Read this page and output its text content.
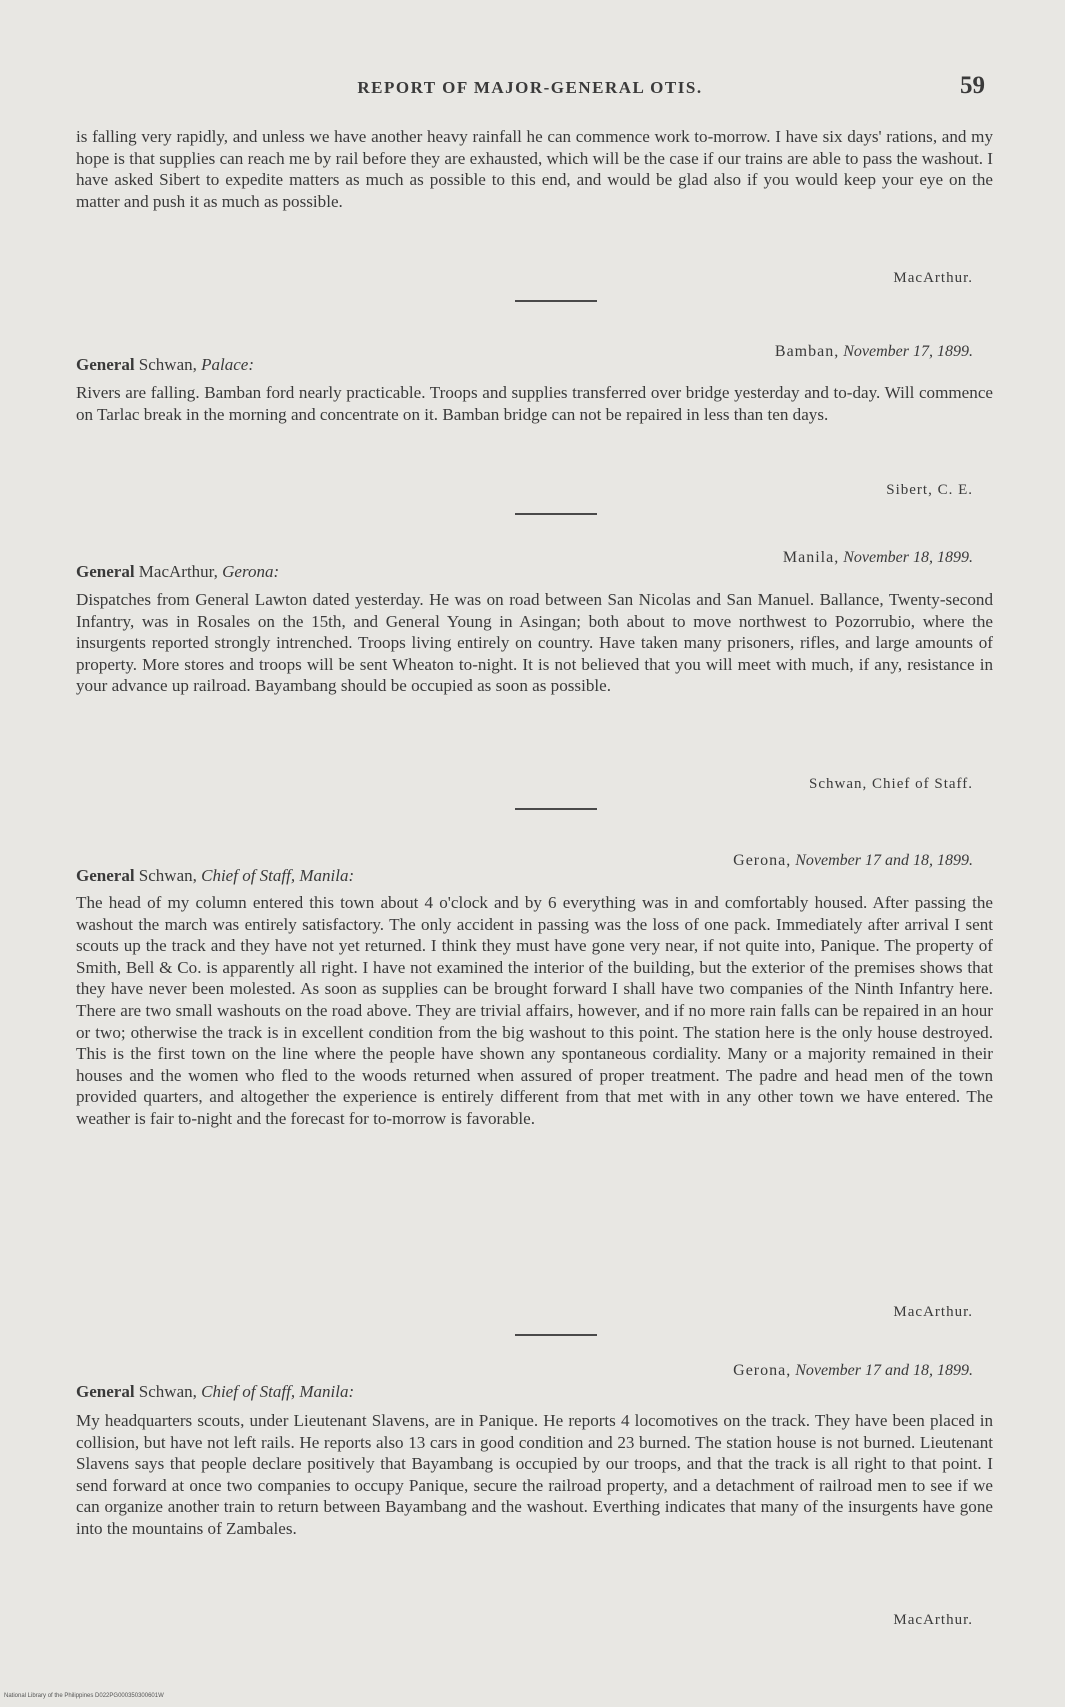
REPORT OF MAJOR-GENERAL OTIS.	59

is falling very rapidly, and unless we have another heavy rainfall he can commence work to-morrow. I have six days' rations, and my hope is that supplies can reach me by rail before they are exhausted, which will be the case if our trains are able to pass the washout. I have asked Sibert to expedite matters as much as possible to this end, and would be glad also if you would keep your eye on the matter and push it as much as possible.

MacArthur.
Bamban, November 17, 1899.
General Schwan, Palace:

Rivers are falling. Bamban ford nearly practicable. Troops and supplies transferred over bridge yesterday and to-day. Will commence on Tarlac break in the morning and concentrate on it. Bamban bridge can not be repaired in less than ten days.

Sibert, C. E.
Manila, November 18, 1899.
General MacArthur, Gerona:

Dispatches from General Lawton dated yesterday. He was on road between San Nicolas and San Manuel. Ballance, Twenty-second Infantry, was in Rosales on the 15th, and General Young in Asingan; both about to move northwest to Pozorrubio, where the insurgents reported strongly intrenched. Troops living entirely on country. Have taken many prisoners, rifles, and large amounts of property. More stores and troops will be sent Wheaton to-night. It is not believed that you will meet with much, if any, resistance in your advance up railroad. Bayambang should be occupied as soon as possible.

Schwan, Chief of Staff.
Gerona, November 17 and 18, 1899.
General Schwan, Chief of Staff, Manila:

The head of my column entered this town about 4 o'clock and by 6 everything was in and comfortably housed. After passing the washout the march was entirely satisfactory. The only accident in passing was the loss of one pack. Immediately after arrival I sent scouts up the track and they have not yet returned. I think they must have gone very near, if not quite into, Panique. The property of Smith, Bell & Co. is apparently all right. I have not examined the interior of the building, but the exterior of the premises shows that they have never been molested. As soon as supplies can be brought forward I shall have two companies of the Ninth Infantry here. There are two small washouts on the road above. They are trivial affairs, however, and if no more rain falls can be repaired in an hour or two; otherwise the track is in excellent condition from the big washout to this point. The station here is the only house destroyed. This is the first town on the line where the people have shown any spontaneous cordiality. Many or a majority remained in their houses and the women who fled to the woods returned when assured of proper treatment. The padre and head men of the town provided quarters, and altogether the experience is entirely different from that met with in any other town we have entered. The weather is fair to-night and the forecast for to-morrow is favorable.

MacArthur.
Gerona, November 17 and 18, 1899.
General Schwan, Chief of Staff, Manila:

My headquarters scouts, under Lieutenant Slavens, are in Panique. He reports 4 locomotives on the track. They have been placed in collision, but have not left rails. He reports also 13 cars in good condition and 23 burned. The station house is not burned. Lieutenant Slavens says that people declare positively that Bayambang is occupied by our troops, and that the track is all right to that point. I send forward at once two companies to occupy Panique, secure the railroad property, and a detachment of railroad men to see if we can organize another train to return between Bayambang and the washout. Everthing indicates that many of the insurgents have gone into the mountains of Zambales.

MacArthur.
National Library of the Philippines D022PG000350300601W
